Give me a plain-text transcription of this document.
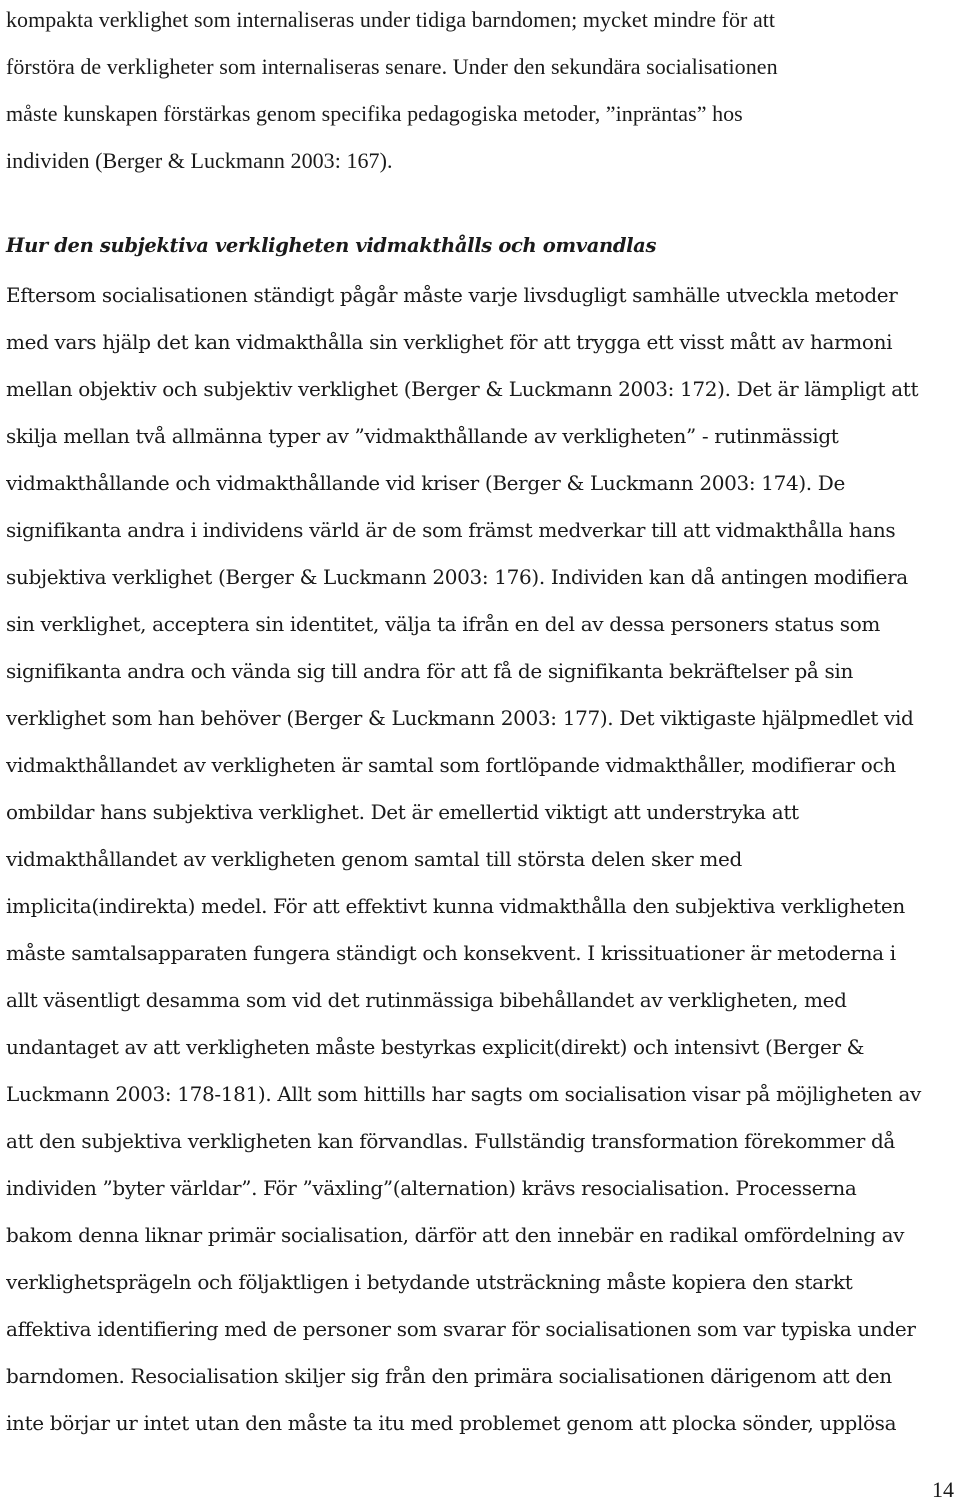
kompakta verklighet som internaliseras under tidiga barndomen; mycket mindre för att
förstöra de verkligheter som internaliseras senare. Under den sekundära socialisationen
måste kunskapen förstärkas genom specifika pedagogiska metoder, ”inpräntas” hos
individen (Berger & Luckmann 2003: 167).
Hur den subjektiva verkligheten vidmakthålls och omvandlas
Eftersom socialisationen ständigt pågår måste varje livsdugligt samhälle utveckla metoder
med vars hjälp det kan vidmakthålla sin verklighet för att trygga ett visst mått av harmoni
mellan objektiv och subjektiv verklighet (Berger & Luckmann 2003: 172). Det är lämpligt att
skilja mellan två allmänna typer av ”vidmakthållande av verkligheten” - rutinmässigt
vidmakthållande och vidmakthållande vid kriser (Berger & Luckmann 2003: 174). De
signifikanta andra i individens värld är de som främst medverkar till att vidmakthålla hans
subjektiva verklighet (Berger & Luckmann 2003: 176). Individen kan då antingen modifiera
sin verklighet, acceptera sin identitet, välja ta ifrån en del av dessa personers status som
signifikanta andra och vända sig till andra för att få de signifikanta bekräftelser på sin
verklighet som han behöver (Berger & Luckmann 2003: 177). Det viktigaste hjälpmedlet vid
vidmakthållandet av verkligheten är samtal som fortlöpande vidmakthåller, modifierar och
ombildar hans subjektiva verklighet. Det är emellertid viktigt att understryka att
vidmakthållandet av verkligheten genom samtal till största delen sker med
implicita(indirekta) medel. För att effektivt kunna vidmakthålla den subjektiva verkligheten
måste samtalsapparaten fungera ständigt och konsekvent. I krissituationer är metoderna i
allt väsentligt desamma som vid det rutinmässiga bibehållandet av verkligheten, med
undantaget av att verkligheten måste bestyrkas explicit(direkt) och intensivt (Berger &
Luckmann 2003: 178-181). Allt som hittills har sagts om socialisation visar på möjligheten av
att den subjektiva verkligheten kan förvandlas. Fullständig transformation förekommer då
individen ”byter världar”. För ”växling”(alternation) krävs resocialisation. Processerna
bakom denna liknar primär socialisation, därför att den innebär en radikal omfördelning av
verklighetsprägeln och följaktligen i betydande utsträckning måste kopiera den starkt
affektiva identifiering med de personer som svarar för socialisationen som var typiska under
barndomen. Resocialisation skiljer sig från den primära socialisationen därigenom att den
inte börjar ur intet utan den måste ta itu med problemet genom att plocka sönder, upplösa
14
